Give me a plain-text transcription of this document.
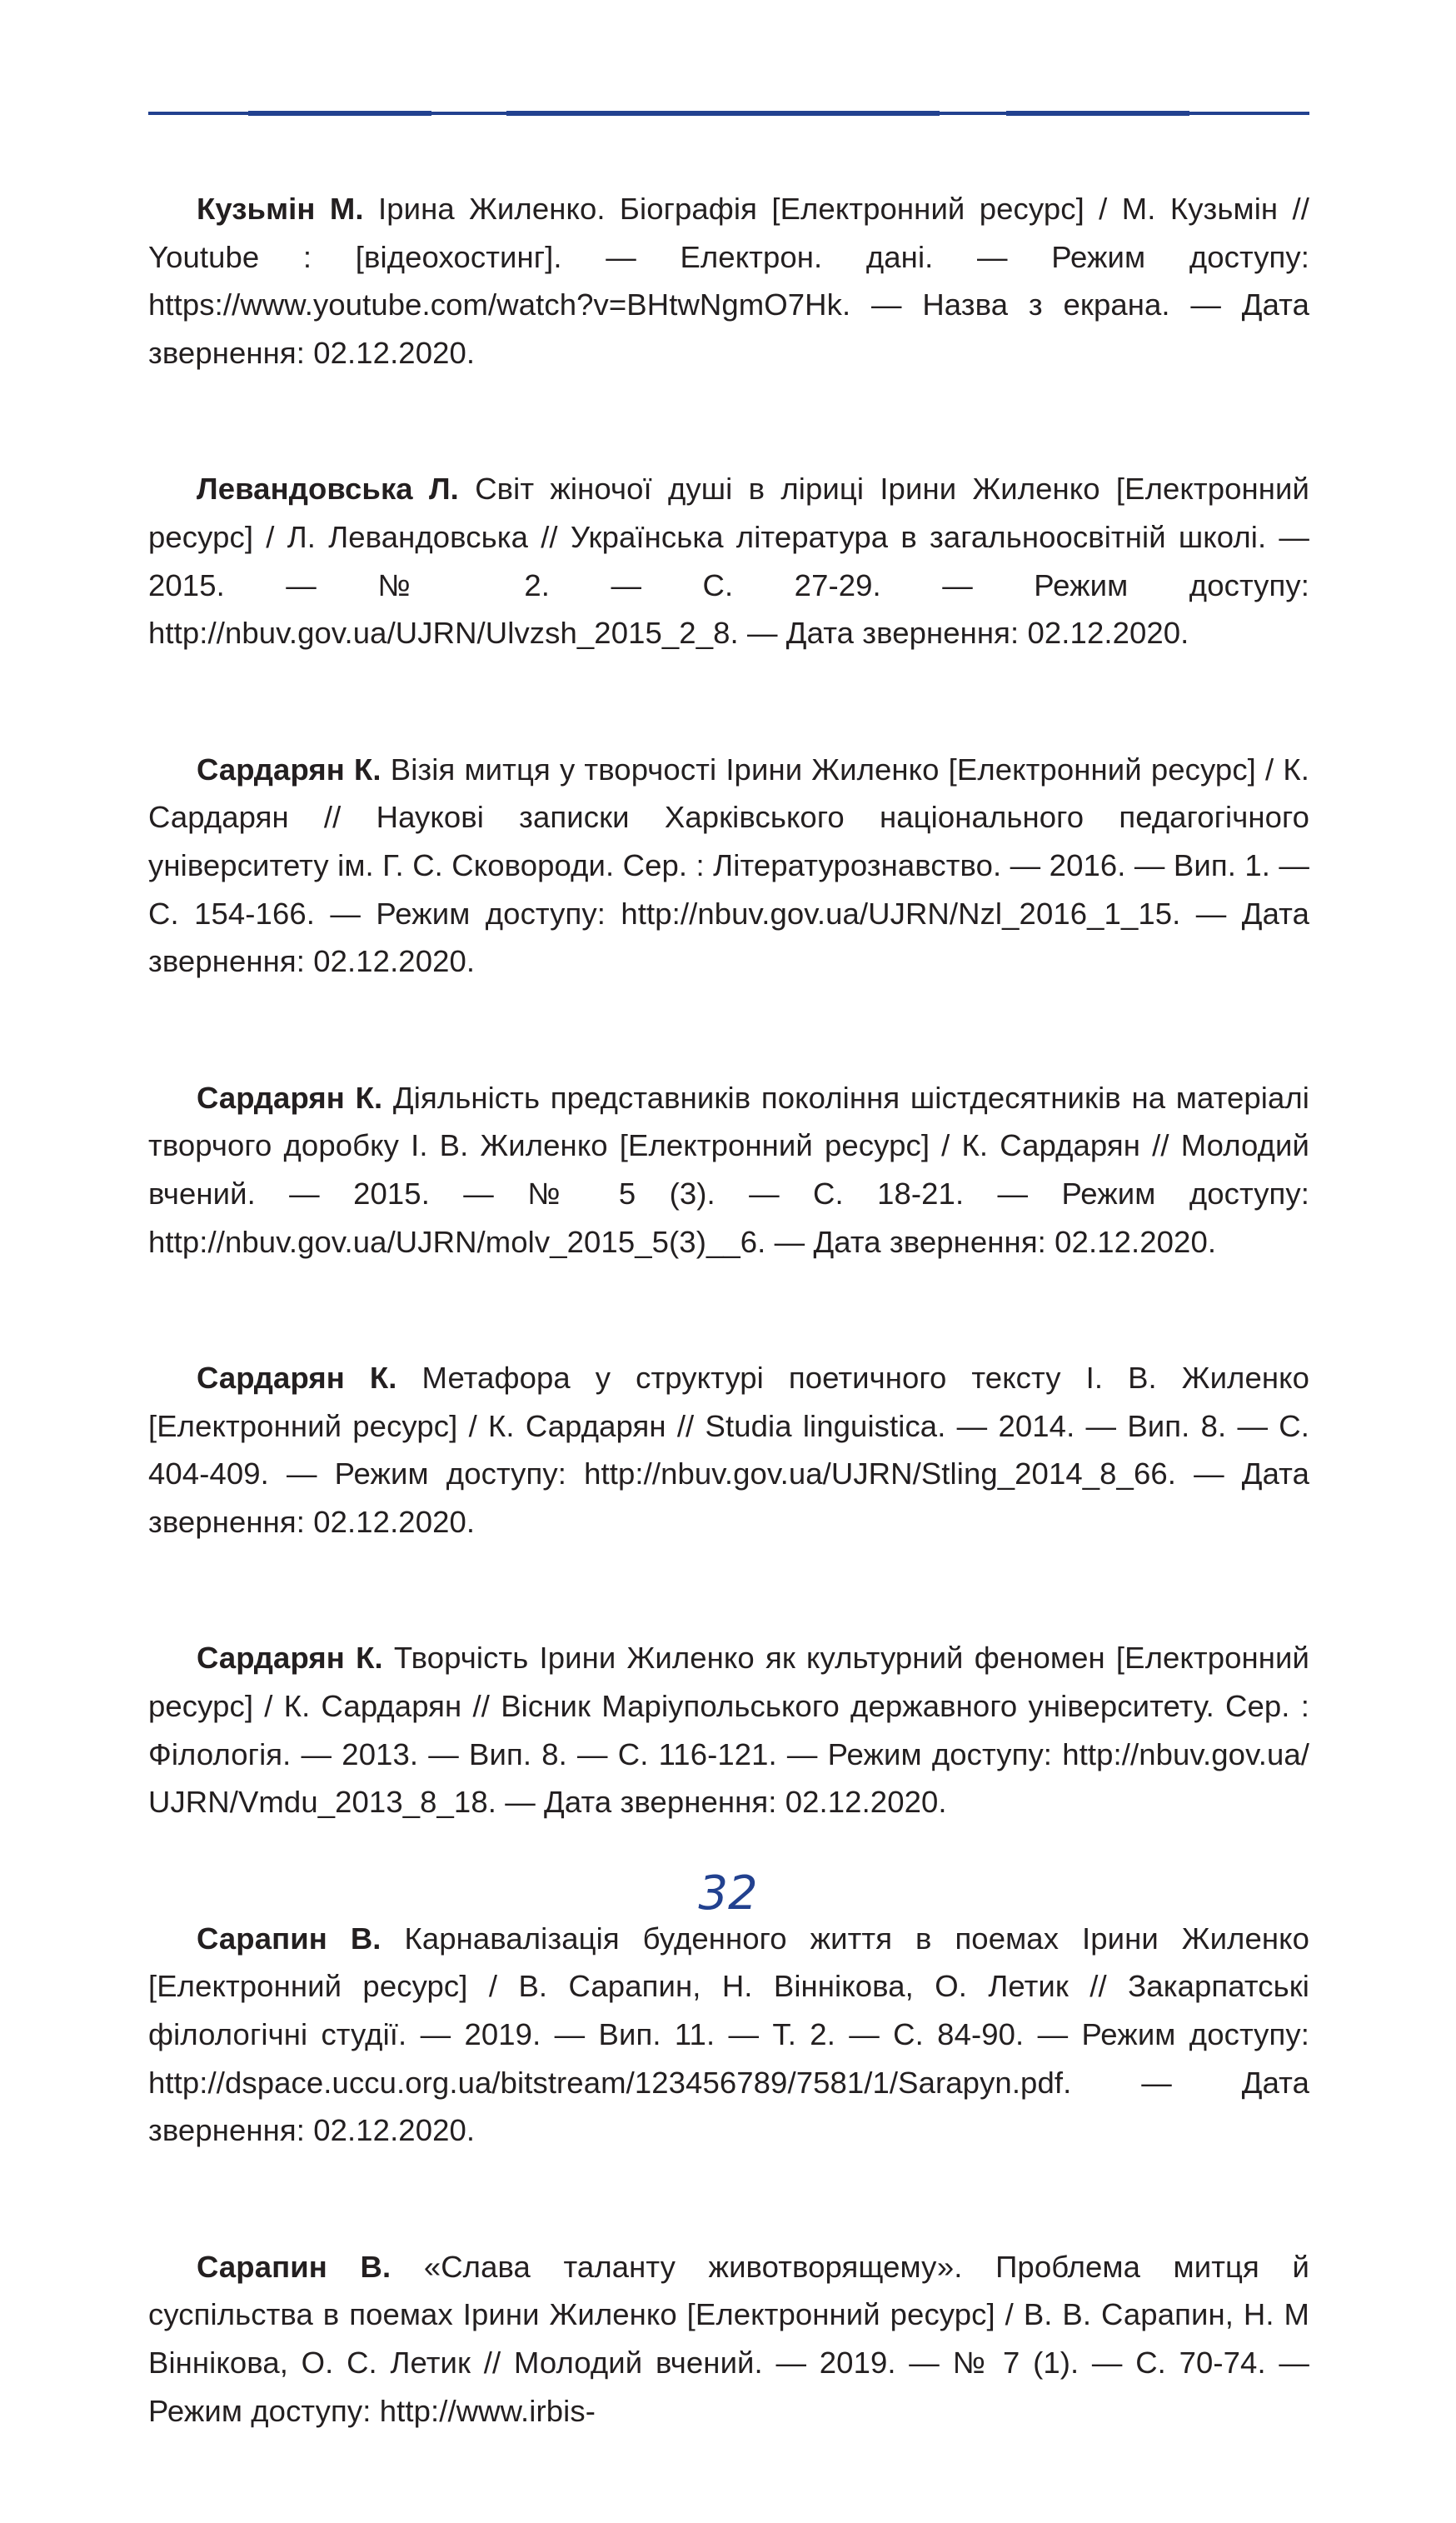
Кузьмін М. Ірина Жиленко. Біографія [Електронний ресурс] / М. Кузьмін // Youtube : [відеохостинг]. — Електрон. дані. — Режим доступу: https://www.youtube.​com/watch?v=BHtwNgmO7Hk. — Назва з екрана. — Дата звернення: 02.12.2020.

Левандовська Л. Світ жіночої душі в ліриці Ірини Жиленко [Електронний ресурс] / Л. Левандовська // Українська література в загальноосвітній школі. — 2015. — № 2. — С. 27-29. — Режим доступу: http://nbuv.gov.ua/UJRN/Ulvzsh_2015_2_8. — Дата звернення: 02.12.2020.

Сардарян К. Візія митця у творчості Ірини Жиленко [Електронний ресурс] / К. Сардарян // Наукові записки Харківського національного педагогічного університету ім. Г. С. Сковороди. Сер. : Літературознавство. — 2016. — Вип. 1. — С. 154-166. — Режим доступу: http://nbuv.gov.ua/UJRN/Nzl_2016_1_15. — Дата звернення: 02.12.2020.

Сардарян К. Діяльність представників покоління шістдесятників на матеріалі творчого доробку І. В. Жиленко [Електронний ресурс] / К. Сардарян // Молодий вчений. — 2015. — № 5 (3). — С. 18-21. — Режим доступу: http://nbuv.gov.ua/UJRN/​molv_2015_5(3)__6. — Дата звернення: 02.12.2020.

Сардарян К. Метафора у структурі поетичного тексту І. В. Жиленко [Електронний ресурс] / К. Сардарян // Studia linguistica. — 2014. — Вип. 8. — С. 404-409. — Режим доступу: http://nbuv.gov.ua/UJRN/Stling_2014_8_66. — Дата звернення: 02.12.2020.

Сардарян К. Творчість Ірини Жиленко як культурний феномен [Електронний ресурс] / К. Сардарян // Вісник Маріупольського державного університету. Сер. : Філологія. — 2013. — Вип. 8. — С. 116-121. — Режим доступу: http://nbuv.gov.ua/​UJRN/Vmdu_2013_8_18. — Дата звернення: 02.12.2020.

Сарапин В. Карнавалізація буденного життя в поемах Ірини Жиленко [Електронний ресурс] / В. Сарапин, Н. Віннікова, О. Летик // Закарпатські філологічні студії. — 2019. — Вип. 11. — Т. 2. — С. 84-90. — Режим доступу: http://dspace.uccu.org.ua/​bitstream/123456789/7581/1/Sarapyn.pdf. — Дата звернення: 02.12.2020.

Сарапин В. «Слава таланту животворящему». Проблема митця й суспільства в поемах Ірини Жиленко [Електронний ресурс] / В. В. Сарапин, Н. М Віннікова, О. С. Летик // Молодий вчений. — 2019. — № 7 (1). — С. 70-74. — Режим доступу: http://www.irbis-

32
